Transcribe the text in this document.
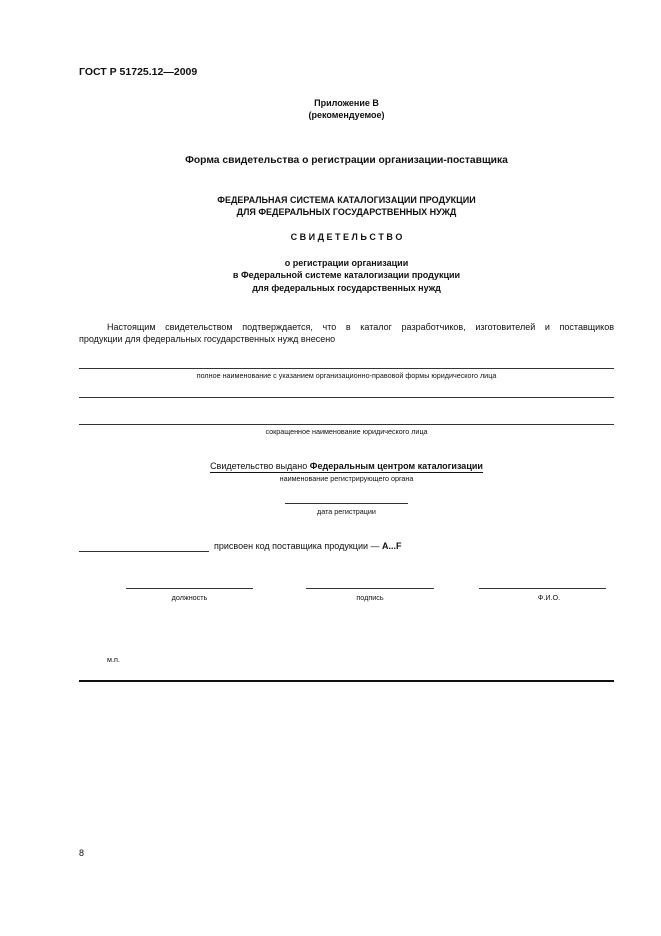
ГОСТ Р 51725.12—2009
Приложение В
(рекомендуемое)
Форма свидетельства о регистрации организации-поставщика
ФЕДЕРАЛЬНАЯ СИСТЕМА КАТАЛОГИЗАЦИИ ПРОДУКЦИИ
ДЛЯ ФЕДЕРАЛЬНЫХ ГОСУДАРСТВЕННЫХ НУЖД
С В И Д Е Т Е Л Ь С Т В О
о регистрации организации
в Федеральной системе каталогизации продукции
для федеральных государственных нужд
Настоящим свидетельством подтверждается, что в каталог разработчиков, изготовителей и поставщиков
продукции для федеральных государственных нужд внесено
полное наименование с указанием организационно-правовой формы юридического лица
сокращенное наименование юридического лица
Свидетельство выдано Федеральным центром каталогизации
наименование регистрирующего органа
дата регистрации
присвоен код поставщика продукции — А...F
должность	подпись	Ф.И.О.
м.п.
8
